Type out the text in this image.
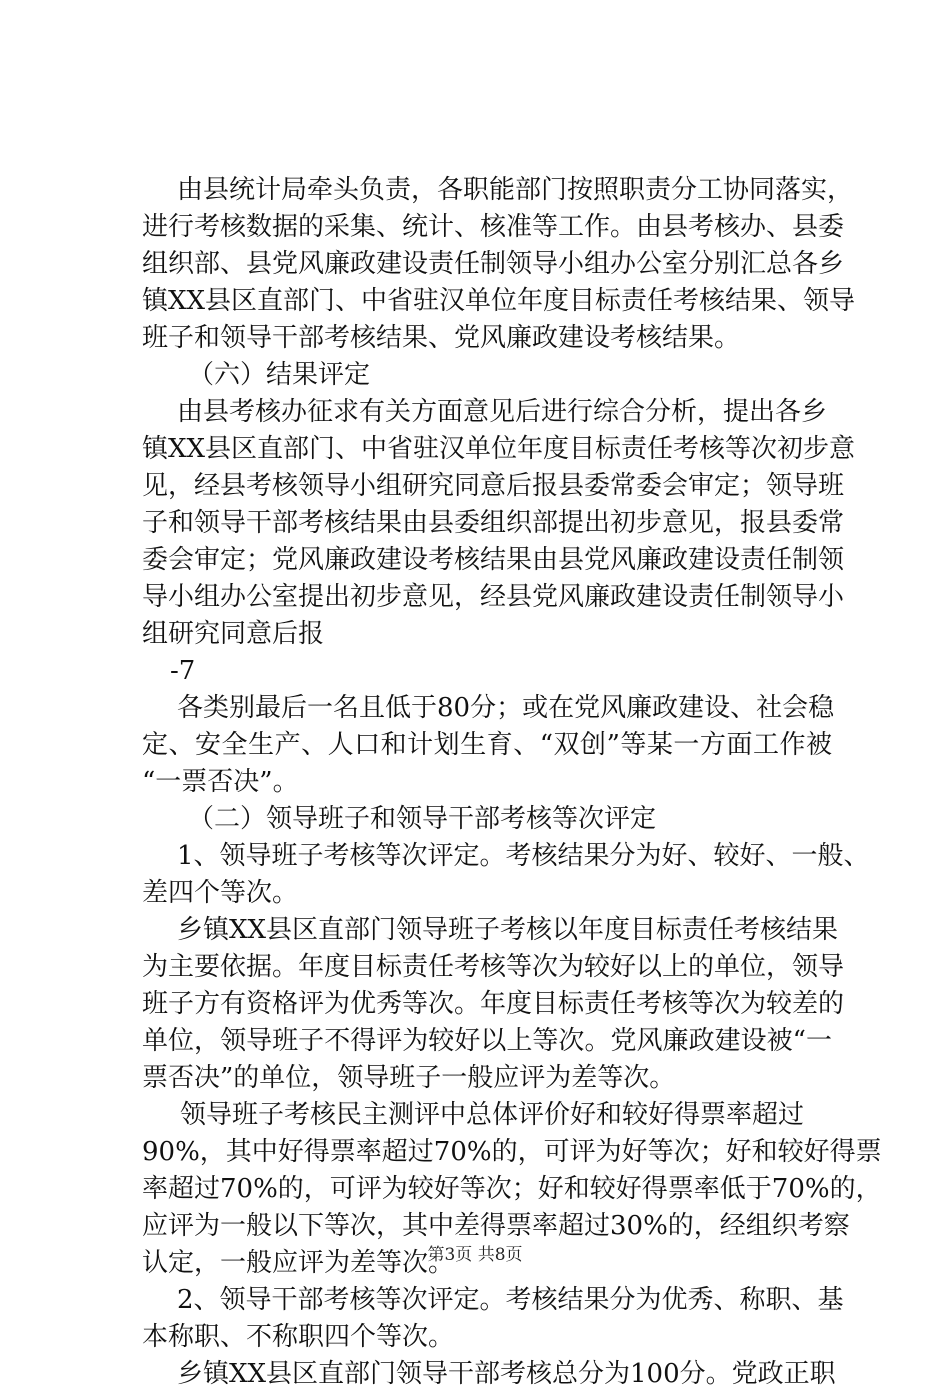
由县统计局牵头负责，各职能部门按照职责分工协同落实，
进行考核数据的采集、统计、核准等工作。由县考核办、县委
组织部、县党风廉政建设责任制领导小组办公室分别汇总各乡
镇XX县区直部门、中省驻汉单位年度目标责任考核结果、领导
班子和领导干部考核结果、党风廉政建设考核结果。
（六）结果评定
由县考核办征求有关方面意见后进行综合分析，提出各乡
镇XX县区直部门、中省驻汉单位年度目标责任考核等次初步意
见，经县考核领导小组研究同意后报县委常委会审定；领导班
子和领导干部考核结果由县委组织部提出初步意见，报县委常
委会审定；党风廉政建设考核结果由县党风廉政建设责任制领
导小组办公室提出初步意见，经县党风廉政建设责任制领导小
组研究同意后报
-7
各类别最后一名且低于80分；或在党风廉政建设、社会稳
定、安全生产、人口和计划生育、“双创”等某一方面工作被
“一票否决”。
（二）领导班子和领导干部考核等次评定
1、领导班子考核等次评定。考核结果分为好、较好、一般、
差四个等次。
乡镇XX县区直部门领导班子考核以年度目标责任考核结果
为主要依据。年度目标责任考核等次为较好以上的单位，领导
班子方有资格评为优秀等次。年度目标责任考核等次为较差的
单位，领导班子不得评为较好以上等次。党风廉政建设被“一
票否决”的单位，领导班子一般应评为差等次。
领导班子考核民主测评中总体评价好和较好得票率超过
90%，其中好得票率超过70%的，可评为好等次；好和较好得票
率超过70%的，可评为较好等次；好和较好得票率低于70%的，
应评为一般以下等次，其中差得票率超过30%的，经组织考察
认定，一般应评为差等次。
2、领导干部考核等次评定。考核结果分为优秀、称职、基
本称职、不称职四个等次。
乡镇XX县区直部门领导干部考核总分为100分。党政正职
第3页 共8页
